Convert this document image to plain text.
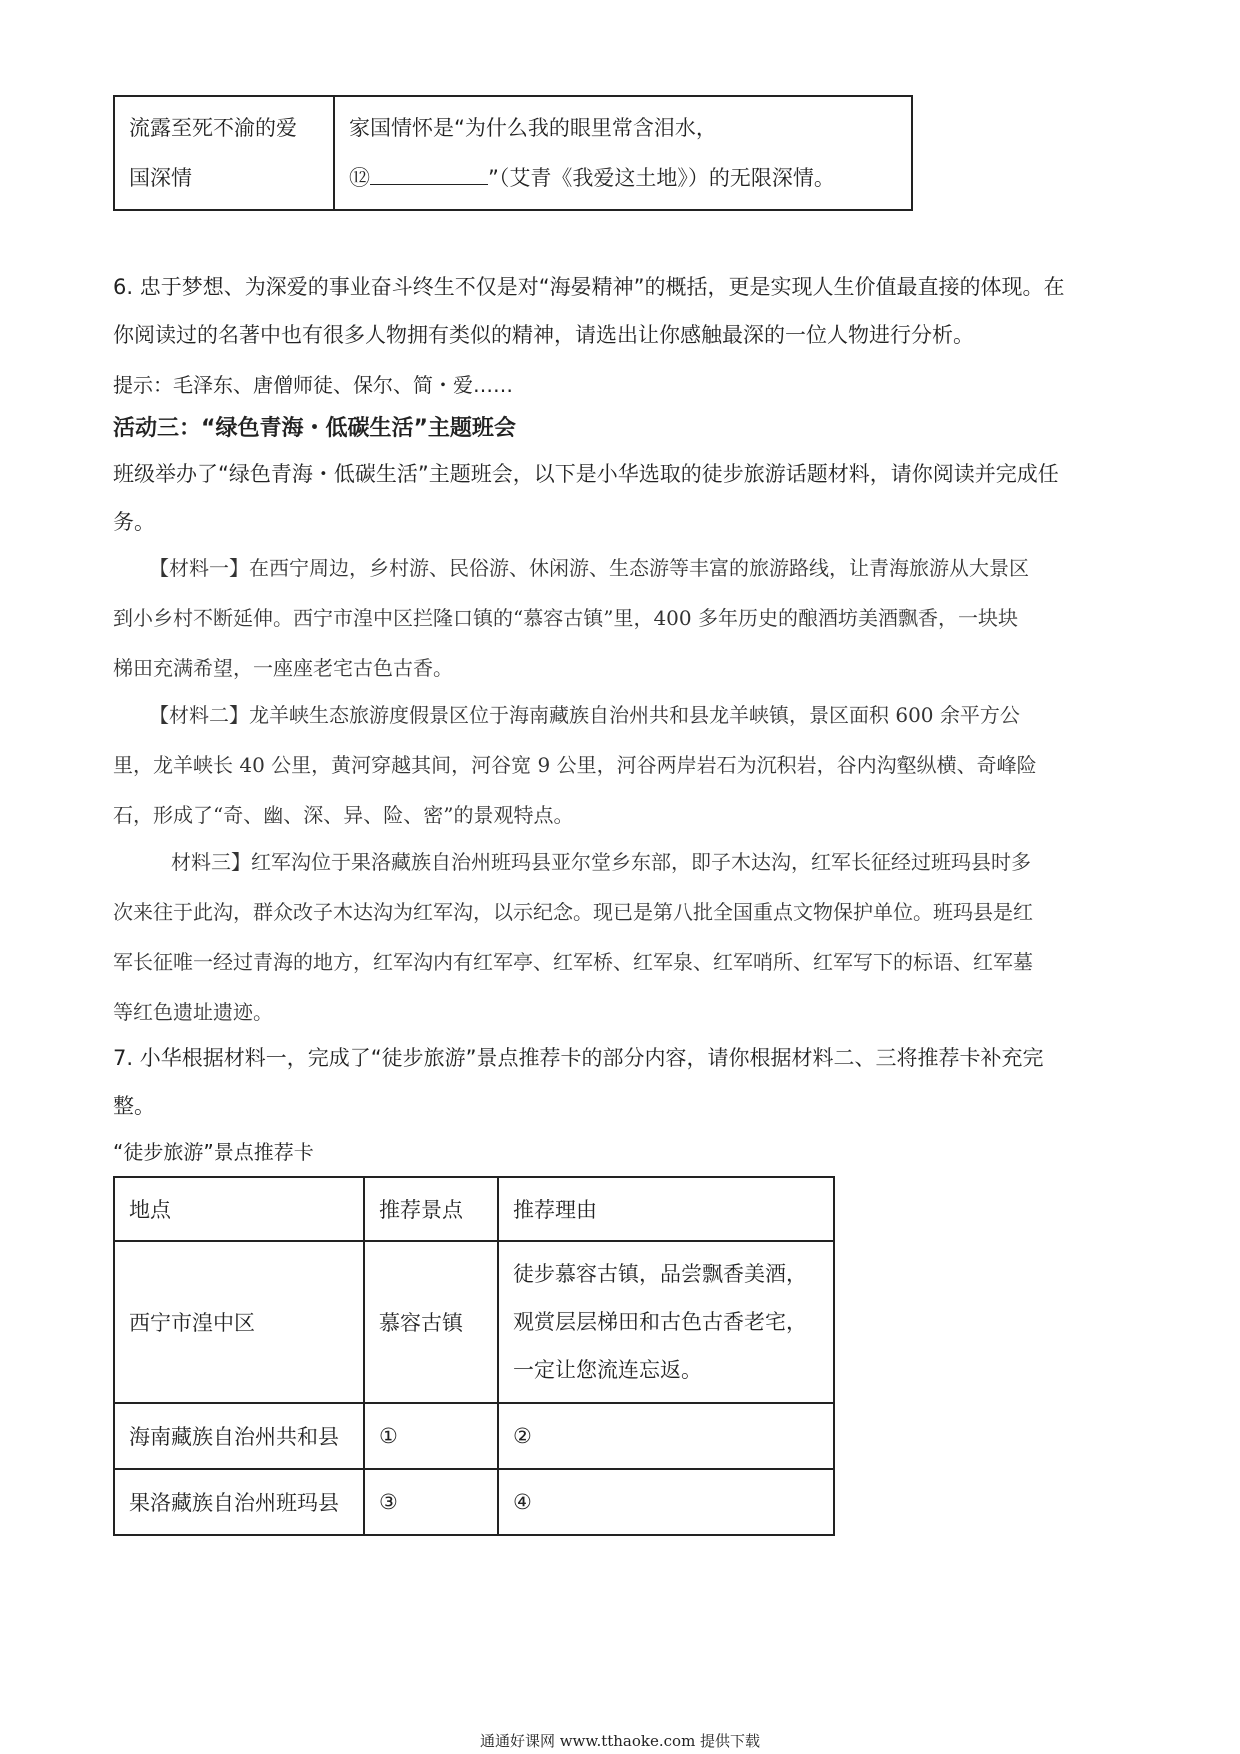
流露至死不渝的爱
国深情

家国情怀是“为什么我的眼里常含泪水，
⑫	”（艾青《我爱这土地》）的无限深情。
6. 忠于梦想、为深爱的事业奋斗终生不仅是对“海晏精神”的概括，更是实现人生价值最直接的体现。在
你阅读过的名著中也有很多人物拥有类似的精神，请选出让你感触最深的一位人物进行分析。
提示：毛泽东、唐僧师徒、保尔、简・爱……
活动三：“绿色青海・低碳生活”主题班会
班级举办了“绿色青海・低碳生活”主题班会，以下是小华选取的徒步旅游话题材料，请你阅读并完成任
务。
【材料一】在西宁周边，乡村游、民俗游、休闲游、生态游等丰富的旅游路线，让青海旅游从大景区
到小乡村不断延伸。西宁市湟中区拦隆口镇的“慕容古镇”里，400 多年历史的酿酒坊美酒飘香，一块块
梯田充满希望，一座座老宅古色古香。
【材料二】龙羊峡生态旅游度假景区位于海南藏族自治州共和县龙羊峡镇，景区面积 600 余平方公
里，龙羊峡长 40 公里，黄河穿越其间，河谷宽 9 公里，河谷两岸岩石为沉积岩，谷内沟壑纵横、奇峰险
石，形成了“奇、幽、深、异、险、密”的景观特点。
材料三】红军沟位于果洛藏族自治州班玛县亚尔堂乡东部，即子木达沟，红军长征经过班玛县时多
次来往于此沟，群众改子木达沟为红军沟，以示纪念。现已是第八批全国重点文物保护单位。班玛县是红
军长征唯一经过青海的地方，红军沟内有红军亭、红军桥、红军泉、红军哨所、红军写下的标语、红军墓
等红色遗址遗迹。
7. 小华根据材料一，完成了“徒步旅游”景点推荐卡的部分内容，请你根据材料二、三将推荐卡补充完
整。
“徒步旅游”景点推荐卡
地点	推荐景点	推荐理由
西宁市湟中区	慕容古镇	徒步慕容古镇，品尝飘香美酒，
观赏层层梯田和古色古香老宅，
一定让您流连忘返。

海南藏族自治州共和县	①	②
果洛藏族自治州班玛县	③	④
通通好课网 www.tthaoke.com 提供下载
